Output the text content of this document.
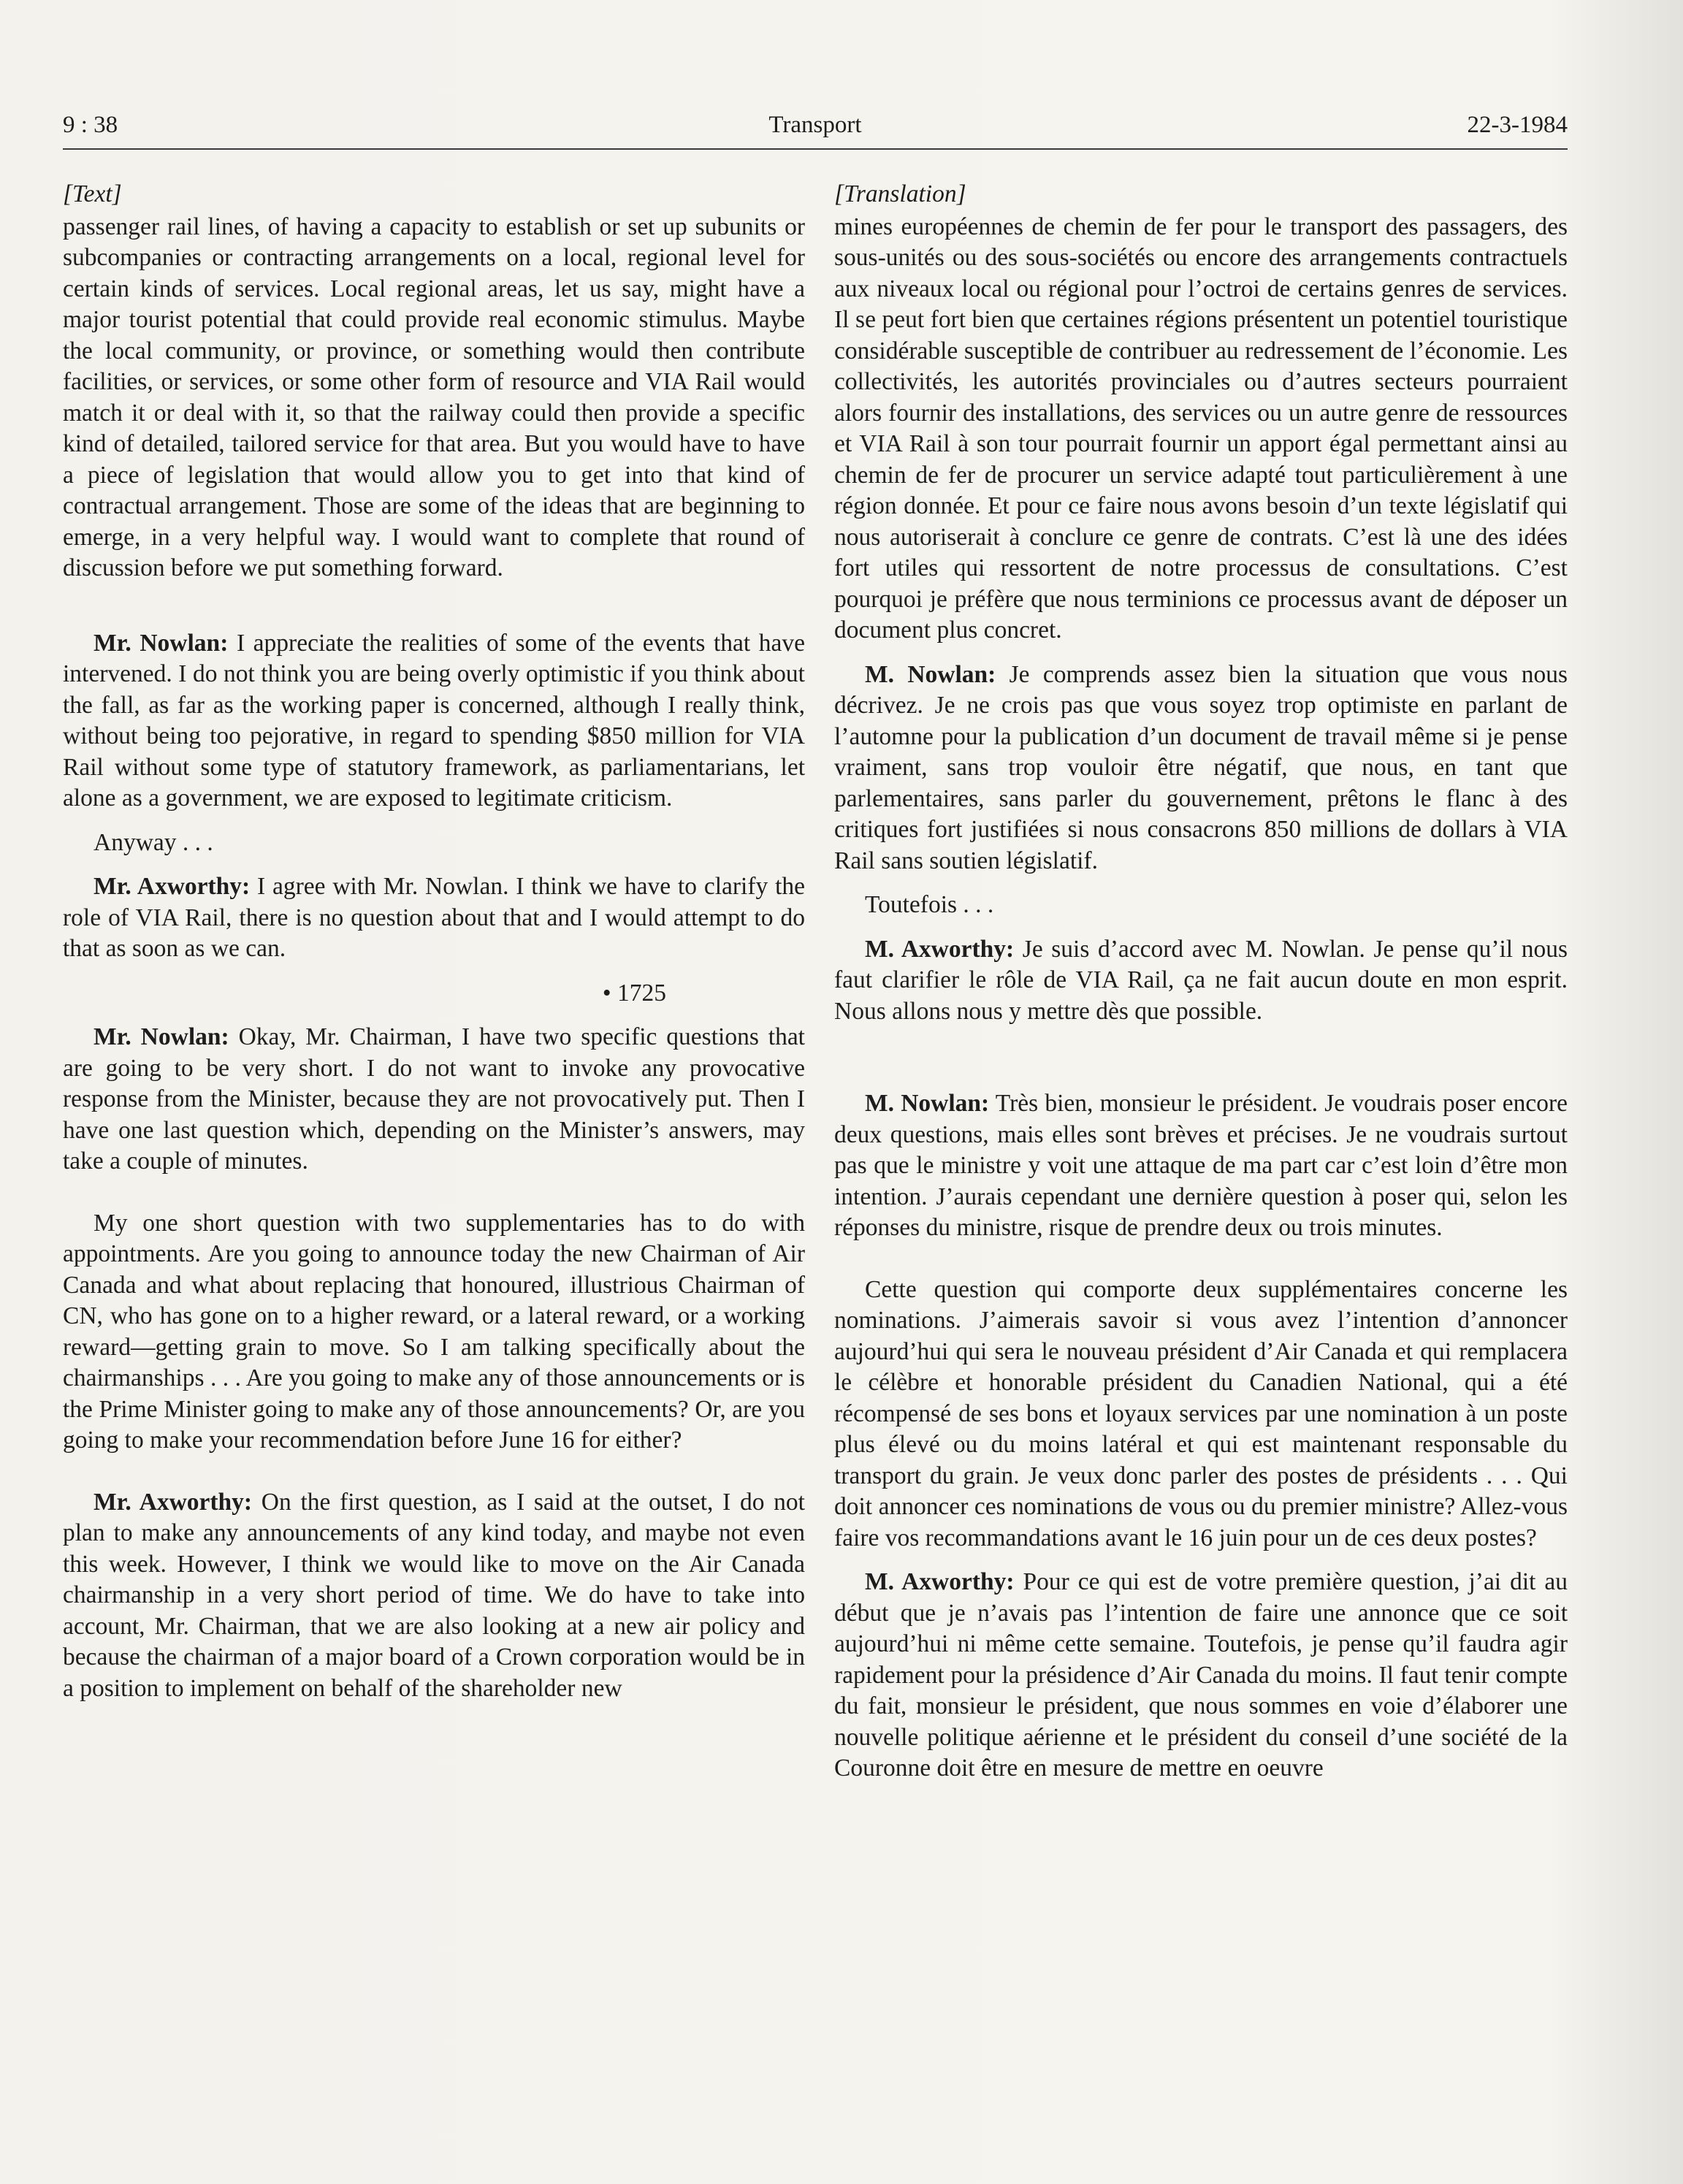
9 : 38	Transport	22-3-1984

[Text]

passenger rail lines, of having a capacity to establish or set up subunits or subcompanies or contracting arrangements on a local, regional level for certain kinds of services. Local regional areas, let us say, might have a major tourist potential that could provide real economic stimulus. Maybe the local community, or province, or something would then contribute facilities, or services, or some other form of resource and VIA Rail would match it or deal with it, so that the railway could then provide a specific kind of detailed, tailored service for that area. But you would have to have a piece of legislation that would allow you to get into that kind of contractual arrangement. Those are some of the ideas that are beginning to emerge, in a very helpful way. I would want to complete that round of discussion before we put something forward.

Mr. Nowlan: I appreciate the realities of some of the events that have intervened. I do not think you are being overly optimistic if you think about the fall, as far as the working paper is concerned, although I really think, without being too pejorative, in regard to spending $850 million for VIA Rail without some type of statutory framework, as parliamentarians, let alone as a government, we are exposed to legitimate criticism.

Anyway . . .

Mr. Axworthy: I agree with Mr. Nowlan. I think we have to clarify the role of VIA Rail, there is no question about that and I would attempt to do that as soon as we can.

• 1725

Mr. Nowlan: Okay, Mr. Chairman, I have two specific questions that are going to be very short. I do not want to invoke any provocative response from the Minister, because they are not provocatively put. Then I have one last question which, depending on the Minister’s answers, may take a couple of minutes.

My one short question with two supplementaries has to do with appointments. Are you going to announce today the new Chairman of Air Canada and what about replacing that honoured, illustrious Chairman of CN, who has gone on to a higher reward, or a lateral reward, or a working reward—getting grain to move. So I am talking specifically about the chairmanships . . . Are you going to make any of those announcements or is the Prime Minister going to make any of those announcements? Or, are you going to make your recommendation before June 16 for either?

Mr. Axworthy: On the first question, as I said at the outset, I do not plan to make any announcements of any kind today, and maybe not even this week. However, I think we would like to move on the Air Canada chairmanship in a very short period of time. We do have to take into account, Mr. Chairman, that we are also looking at a new air policy and because the chairman of a major board of a Crown corporation would be in a position to implement on behalf of the shareholder new

[Translation]

mines européennes de chemin de fer pour le transport des passagers, des sous-unités ou des sous-sociétés ou encore des arrangements contractuels aux niveaux local ou régional pour l’octroi de certains genres de services. Il se peut fort bien que certaines régions présentent un potentiel touristique considérable susceptible de contribuer au redressement de l’économie. Les collectivités, les autorités provinciales ou d’autres secteurs pourraient alors fournir des installations, des services ou un autre genre de ressources et VIA Rail à son tour pourrait fournir un apport égal permettant ainsi au chemin de fer de procurer un service adapté tout particulièrement à une région donnée. Et pour ce faire nous avons besoin d’un texte législatif qui nous autoriserait à conclure ce genre de contrats. C’est là une des idées fort utiles qui ressortent de notre processus de consultations. C’est pourquoi je préfère que nous terminions ce processus avant de déposer un document plus concret.

M. Nowlan: Je comprends assez bien la situation que vous nous décrivez. Je ne crois pas que vous soyez trop optimiste en parlant de l’automne pour la publication d’un document de travail même si je pense vraiment, sans trop vouloir être négatif, que nous, en tant que parlementaires, sans parler du gouvernement, prêtons le flanc à des critiques fort justifiées si nous consacrons 850 millions de dollars à VIA Rail sans soutien législatif.

Toutefois . . .

M. Axworthy: Je suis d’accord avec M. Nowlan. Je pense qu’il nous faut clarifier le rôle de VIA Rail, ça ne fait aucun doute en mon esprit. Nous allons nous y mettre dès que possible.

M. Nowlan: Très bien, monsieur le président. Je voudrais poser encore deux questions, mais elles sont brèves et précises. Je ne voudrais surtout pas que le ministre y voit une attaque de ma part car c’est loin d’être mon intention. J’aurais cependant une dernière question à poser qui, selon les réponses du ministre, risque de prendre deux ou trois minutes.

Cette question qui comporte deux supplémentaires concerne les nominations. J’aimerais savoir si vous avez l’intention d’annoncer aujourd’hui qui sera le nouveau président d’Air Canada et qui remplacera le célèbre et honorable président du Canadien National, qui a été récompensé de ses bons et loyaux services par une nomination à un poste plus élevé ou du moins latéral et qui est maintenant responsable du transport du grain. Je veux donc parler des postes de présidents . . . Qui doit annoncer ces nominations de vous ou du premier ministre? Allez-vous faire vos recommandations avant le 16 juin pour un de ces deux postes?

M. Axworthy: Pour ce qui est de votre première question, j’ai dit au début que je n’avais pas l’intention de faire une annonce que ce soit aujourd’hui ni même cette semaine. Toutefois, je pense qu’il faudra agir rapidement pour la présidence d’Air Canada du moins. Il faut tenir compte du fait, monsieur le président, que nous sommes en voie d’élaborer une nouvelle politique aérienne et le président du conseil d’une société de la Couronne doit être en mesure de mettre en oeuvre
